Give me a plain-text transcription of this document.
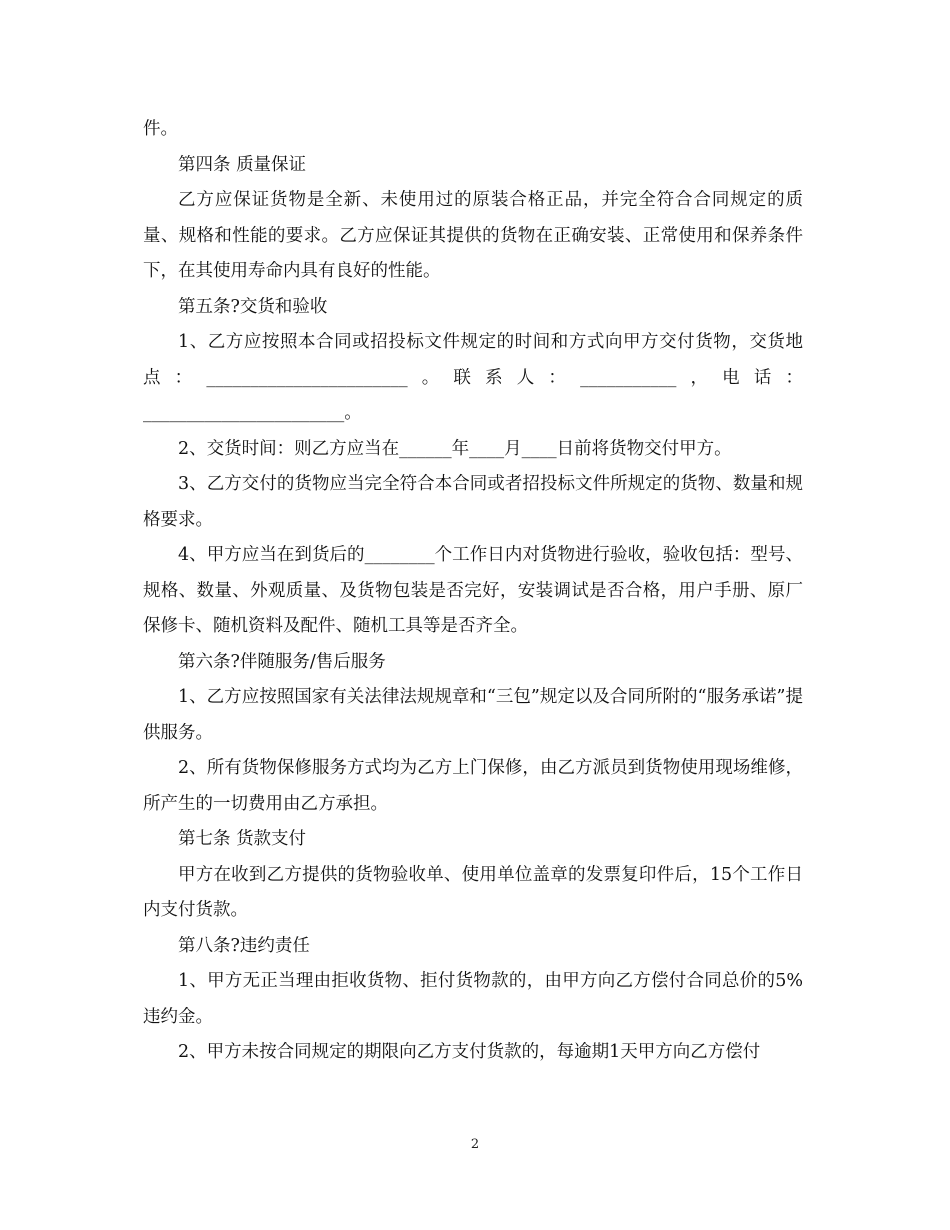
件。

第四条 质量保证

乙方应保证货物是全新、未使用过的原装合格正品，并完全符合合同规定的质量、规格和性能的要求。乙方应保证其提供的货物在正确安装、正常使用和保养条件下，在其使用寿命内具有良好的性能。

第五条?交货和验收

1、乙方应按照本合同或招投标文件规定的时间和方式向甲方交付货物，交货地点：_______________________。联系人：___________，电话：_______________________。

2、交货时间：则乙方应当在______年____月____日前将货物交付甲方。

3、乙方交付的货物应当完全符合本合同或者招投标文件所规定的货物、数量和规格要求。

4、甲方应当在到货后的________个工作日内对货物进行验收，验收包括：型号、规格、数量、外观质量、及货物包装是否完好，安装调试是否合格，用户手册、原厂保修卡、随机资料及配件、随机工具等是否齐全。

第六条?伴随服务/售后服务

1、乙方应按照国家有关法律法规规章和“三包”规定以及合同所附的“服务承诺”提供服务。

2、所有货物保修服务方式均为乙方上门保修，由乙方派员到货物使用现场维修，所产生的一切费用由乙方承担。

第七条 货款支付

甲方在收到乙方提供的货物验收单、使用单位盖章的发票复印件后，15个工作日内支付货款。

第八条?违约责任

1、甲方无正当理由拒收货物、拒付货物款的，由甲方向乙方偿付合同总价的5%违约金。

2、甲方未按合同规定的期限向乙方支付货款的，每逾期1天甲方向乙方偿付

2
